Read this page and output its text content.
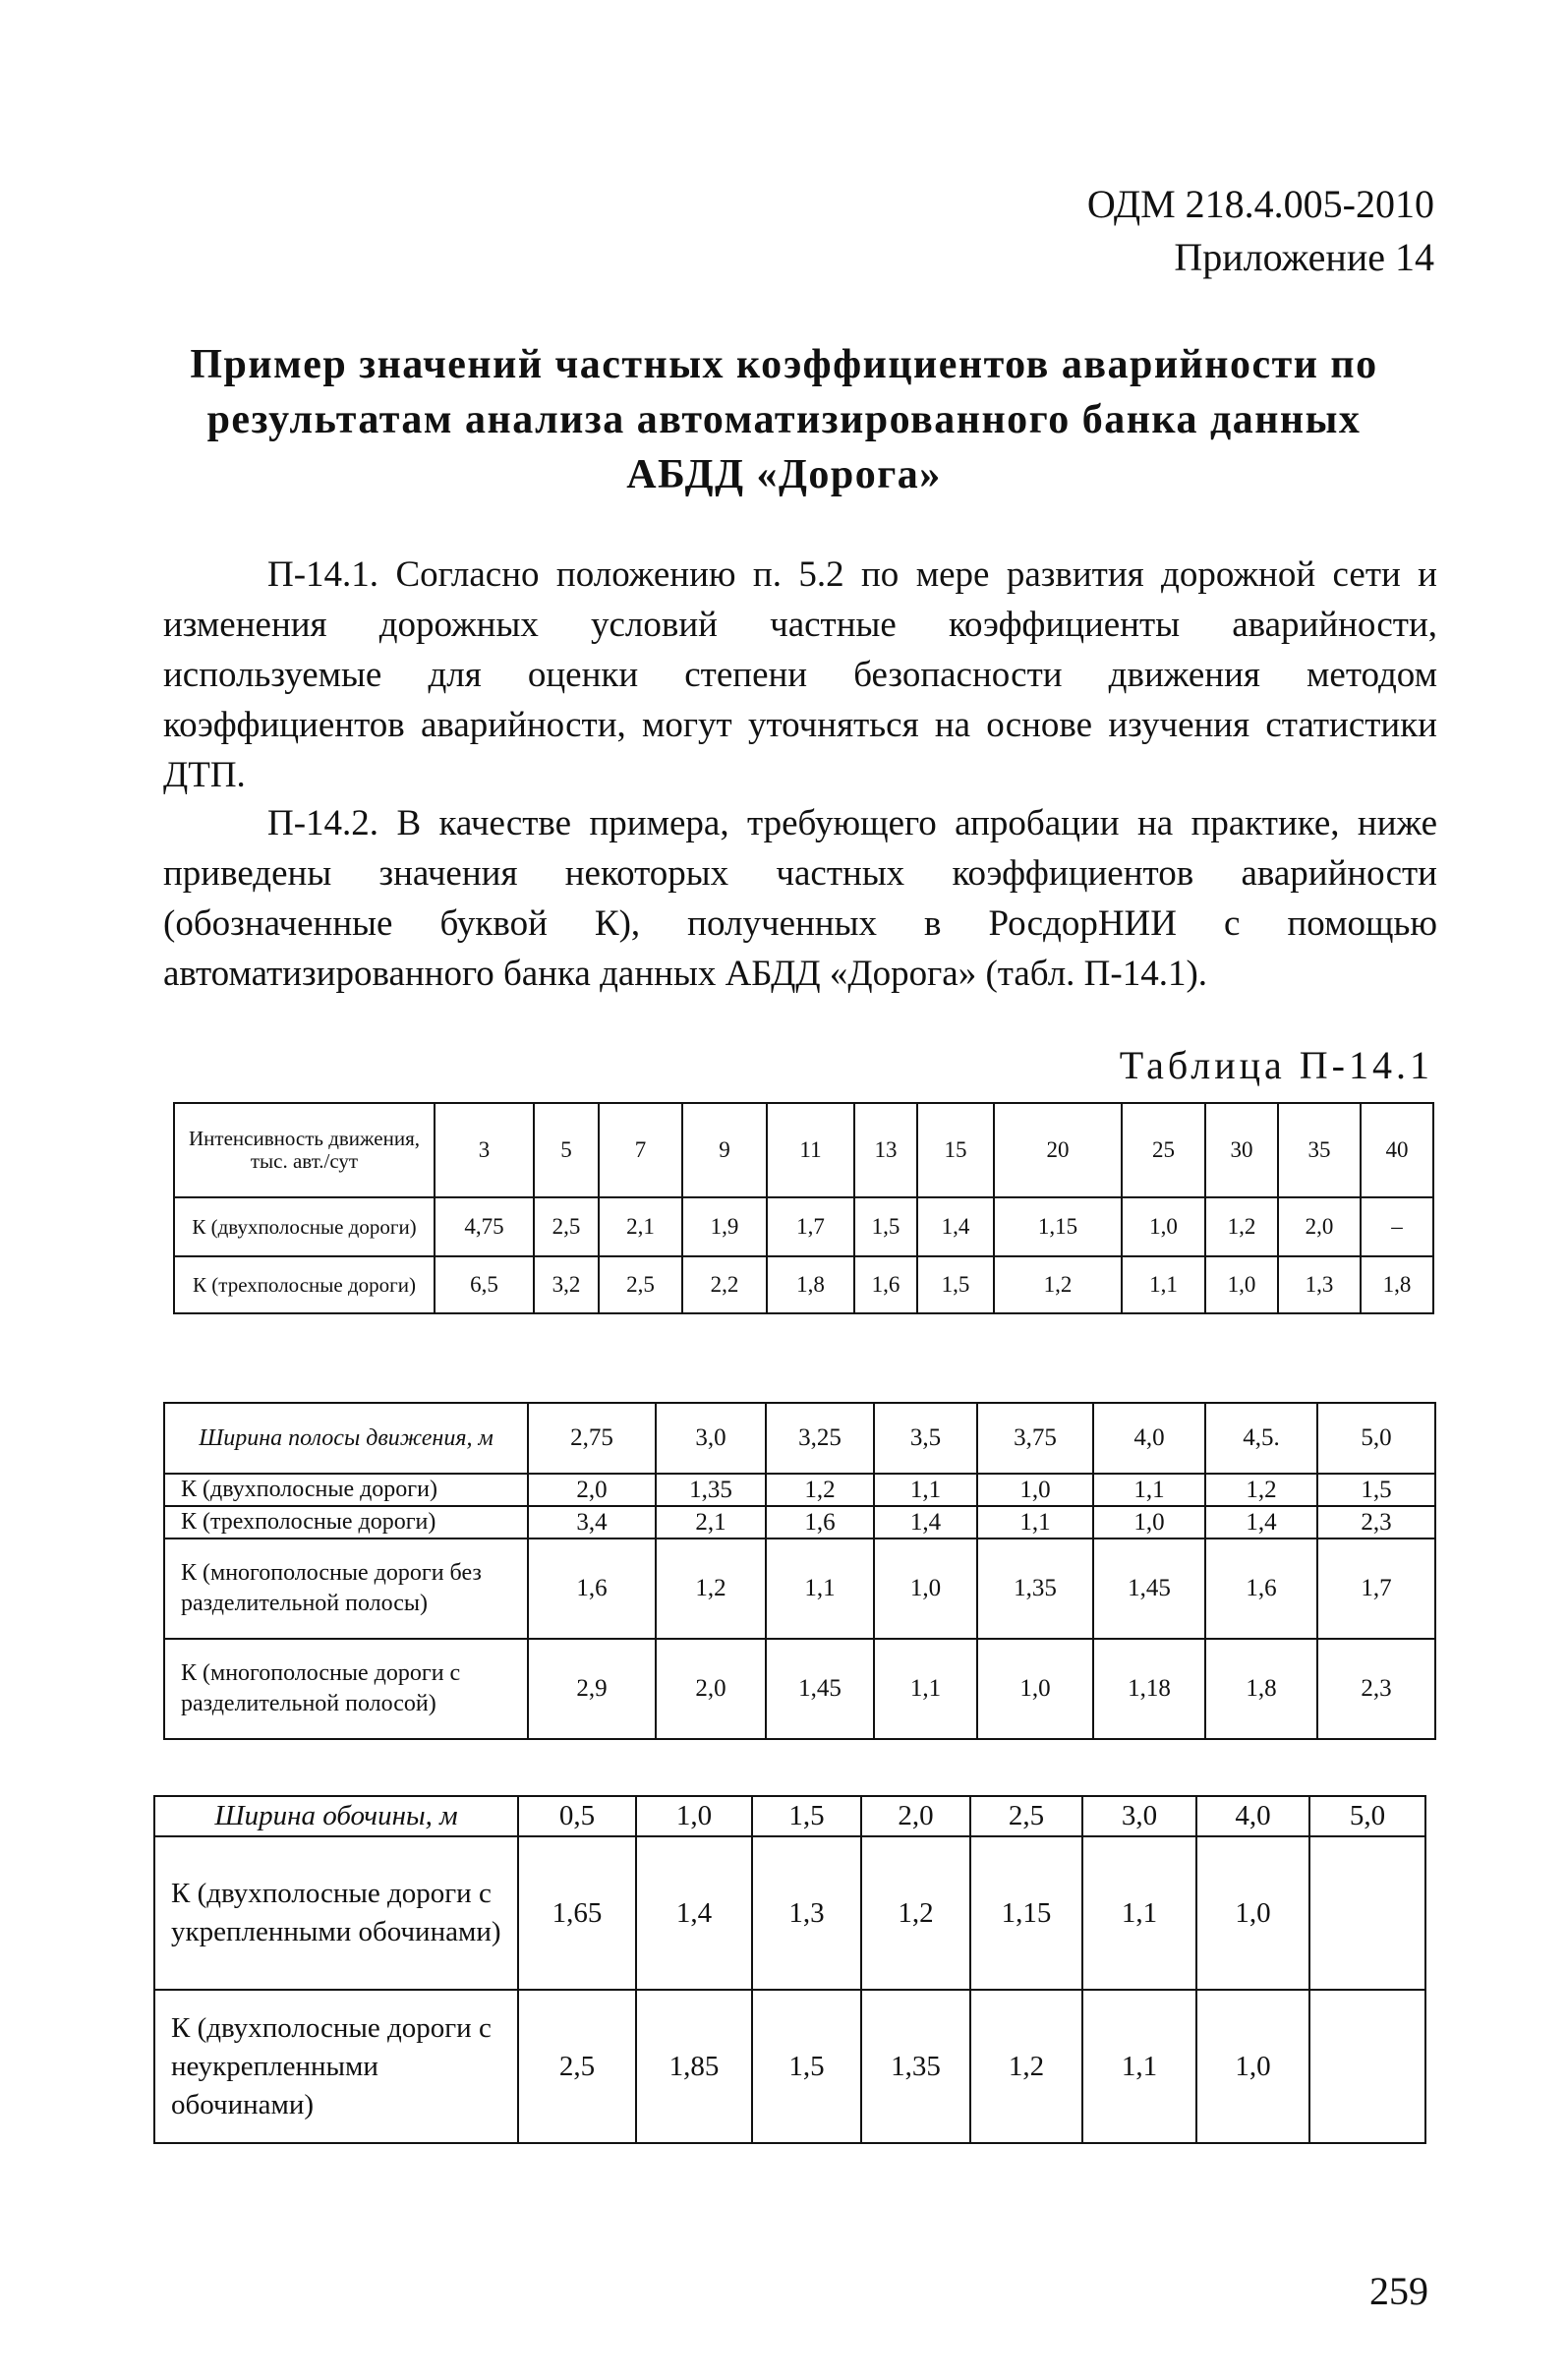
ОДМ 218.4.005-2010
Приложение 14
Пример значений частных коэффициентов аварийности по
результатам анализа автоматизированного банка данных
АБДД «Дорога»
П-14.1. Согласно положению п. 5.2 по мере развития дорожной сети и изменения дорожных условий частные коэффициенты аварийности, используемые для оценки степени безопасности движения методом коэффициентов аварийности, могут уточняться на основе изучения статистики ДТП.
П-14.2. В качестве примера, требующего апробации на практике, ниже приведены значения некоторых частных коэффициентов аварийности (обозначенные буквой К), полученных в РосдорНИИ с помощью автоматизированного банка данных АБДД «Дорога» (табл. П-14.1).
Таблица П-14.1
Интенсивность движения, тыс. авт./сут	3	5	7	9	11	13	15	20	25	30	35	40
К (двухполосные дороги)	4,75	2,5	2,1	1,9	1,7	1,5	1,4	1,15	1,0	1,2	2,0	–
К (трехполосные дороги)	6,5	3,2	2,5	2,2	1,8	1,6	1,5	1,2	1,1	1,0	1,3	1,8
Ширина полосы движения, м	2,75	3,0	3,25	3,5	3,75	4,0	4,5.	5,0
К (двухполосные дороги)	2,0	1,35	1,2	1,1	1,0	1,1	1,2	1,5
К (трехполосные дороги)	3,4	2,1	1,6	1,4	1,1	1,0	1,4	2,3
К (многополосные дороги без разделительной полосы)	1,6	1,2	1,1	1,0	1,35	1,45	1,6	1,7
К (многополосные дороги с разделительной полосой)	2,9	2,0	1,45	1,1	1,0	1,18	1,8	2,3
Ширина обочины, м	0,5	1,0	1,5	2,0	2,5	3,0	4,0	5,0
К (двухполосные дороги с укрепленными обочинами)	1,65	1,4	1,3	1,2	1,15	1,1	1,0	
К (двухполосные дороги с неукрепленными обочинами)	2,5	1,85	1,5	1,35	1,2	1,1	1,0	
259
